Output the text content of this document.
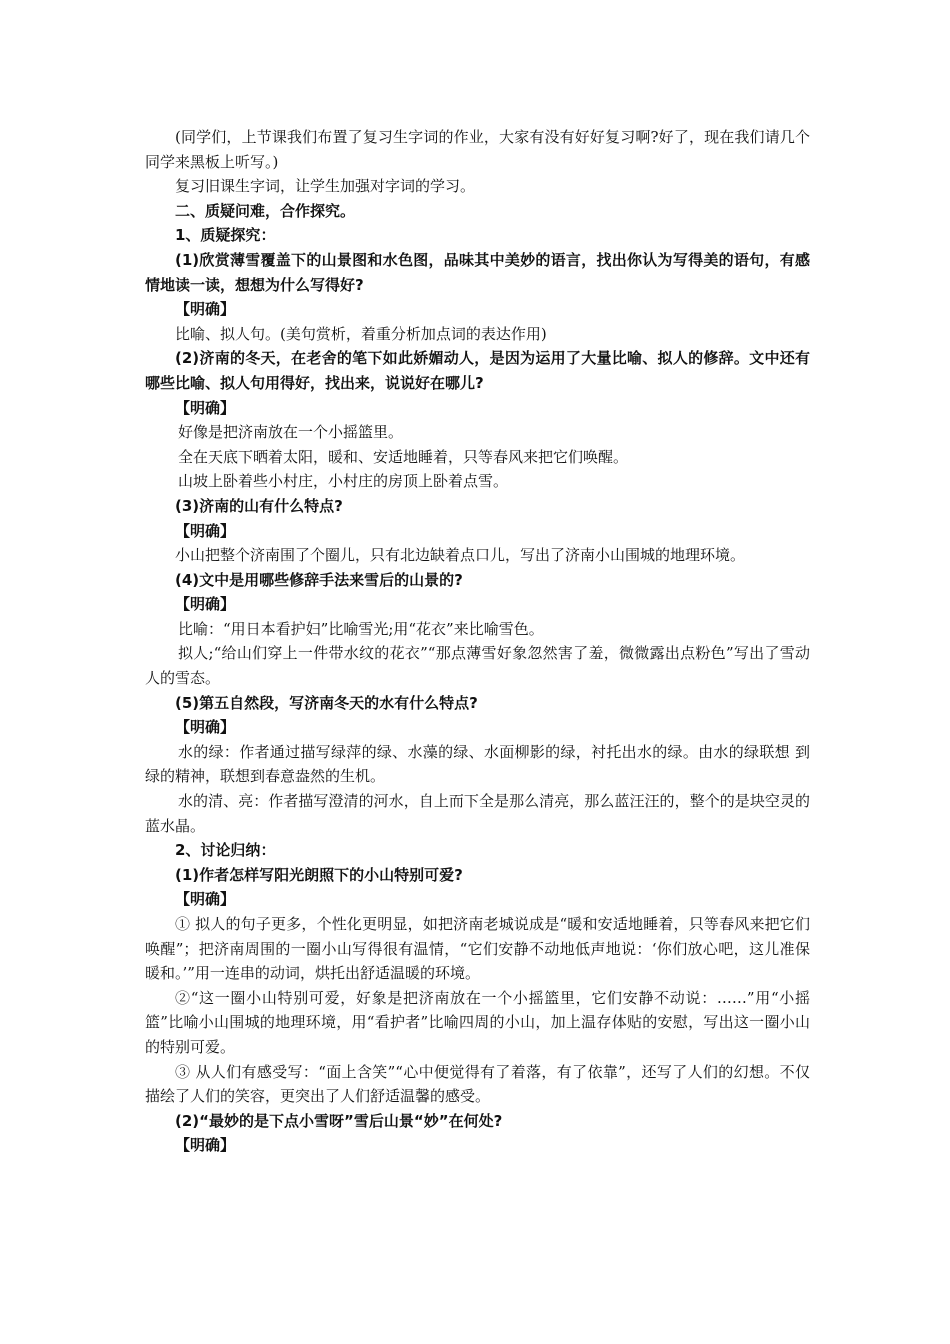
(同学们，上节课我们布置了复习生字词的作业，大家有没有好好复习啊?好了，现在我们请几个同学来黑板上听写。)

复习旧课生字词，让学生加强对字词的学习。

二、质疑问难，合作探究。

1、质疑探究：

(1)欣赏薄雪覆盖下的山景图和水色图，品味其中美妙的语言，找出你认为写得美的语句，有感情地读一读，想想为什么写得好?

【明确】

比喻、拟人句。(美句赏析，着重分析加点词的表达作用)

(2)济南的冬天，在老舍的笔下如此娇媚动人，是因为运用了大量比喻、拟人的修辞。文中还有哪些比喻、拟人句用得好，找出来，说说好在哪儿?

【明确】

好像是把济南放在一个小摇篮里。

全在天底下晒着太阳，暖和、安适地睡着，只等春风来把它们唤醒。

山坡上卧着些小村庄，小村庄的房顶上卧着点雪。

(3)济南的山有什么特点?

【明确】

小山把整个济南围了个圈儿，只有北边缺着点口儿，写出了济南小山围城的地理环境。

(4)文中是用哪些修辞手法来雪后的山景的?

【明确】

比喻：“用日本看护妇”比喻雪光;用“花衣”来比喻雪色。

拟人;“给山们穿上一件带水纹的花衣”“那点薄雪好象忽然害了羞，微微露出点粉色”写出了雪动人的雪态。

(5)第五自然段，写济南冬天的水有什么特点?

【明确】

水的绿：作者通过描写绿萍的绿、水藻的绿、水面柳影的绿，衬托出水的绿。由水的绿联想 到绿的精神，联想到春意盎然的生机。

水的清、亮：作者描写澄清的河水，自上而下全是那么清亮，那么蓝汪汪的，整个的是块空灵的蓝水晶。

2、讨论归纳：

(1)作者怎样写阳光朗照下的小山特别可爱?

【明确】

① 拟人的句子更多，个性化更明显，如把济南老城说成是“暖和安适地睡着，只等春风来把它们唤醒”；把济南周围的一圈小山写得很有温情，“它们安静不动地低声地说：‘你们放心吧，这儿准保暖和。’”用一连串的动词，烘托出舒适温暖的环境。

②“这一圈小山特别可爱，好象是把济南放在一个小摇篮里，它们安静不动说：……”用“小摇篮”比喻小山围城的地理环境，用“看护者”比喻四周的小山，加上温存体贴的安慰，写出这一圈小山的特别可爱。

③ 从人们有感受写：“面上含笑”“心中便觉得有了着落，有了依靠”，还写了人们的幻想。不仅描绘了人们的笑容，更突出了人们舒适温馨的感受。

(2)“最妙的是下点小雪呀”雪后山景“妙”在何处?

【明确】
